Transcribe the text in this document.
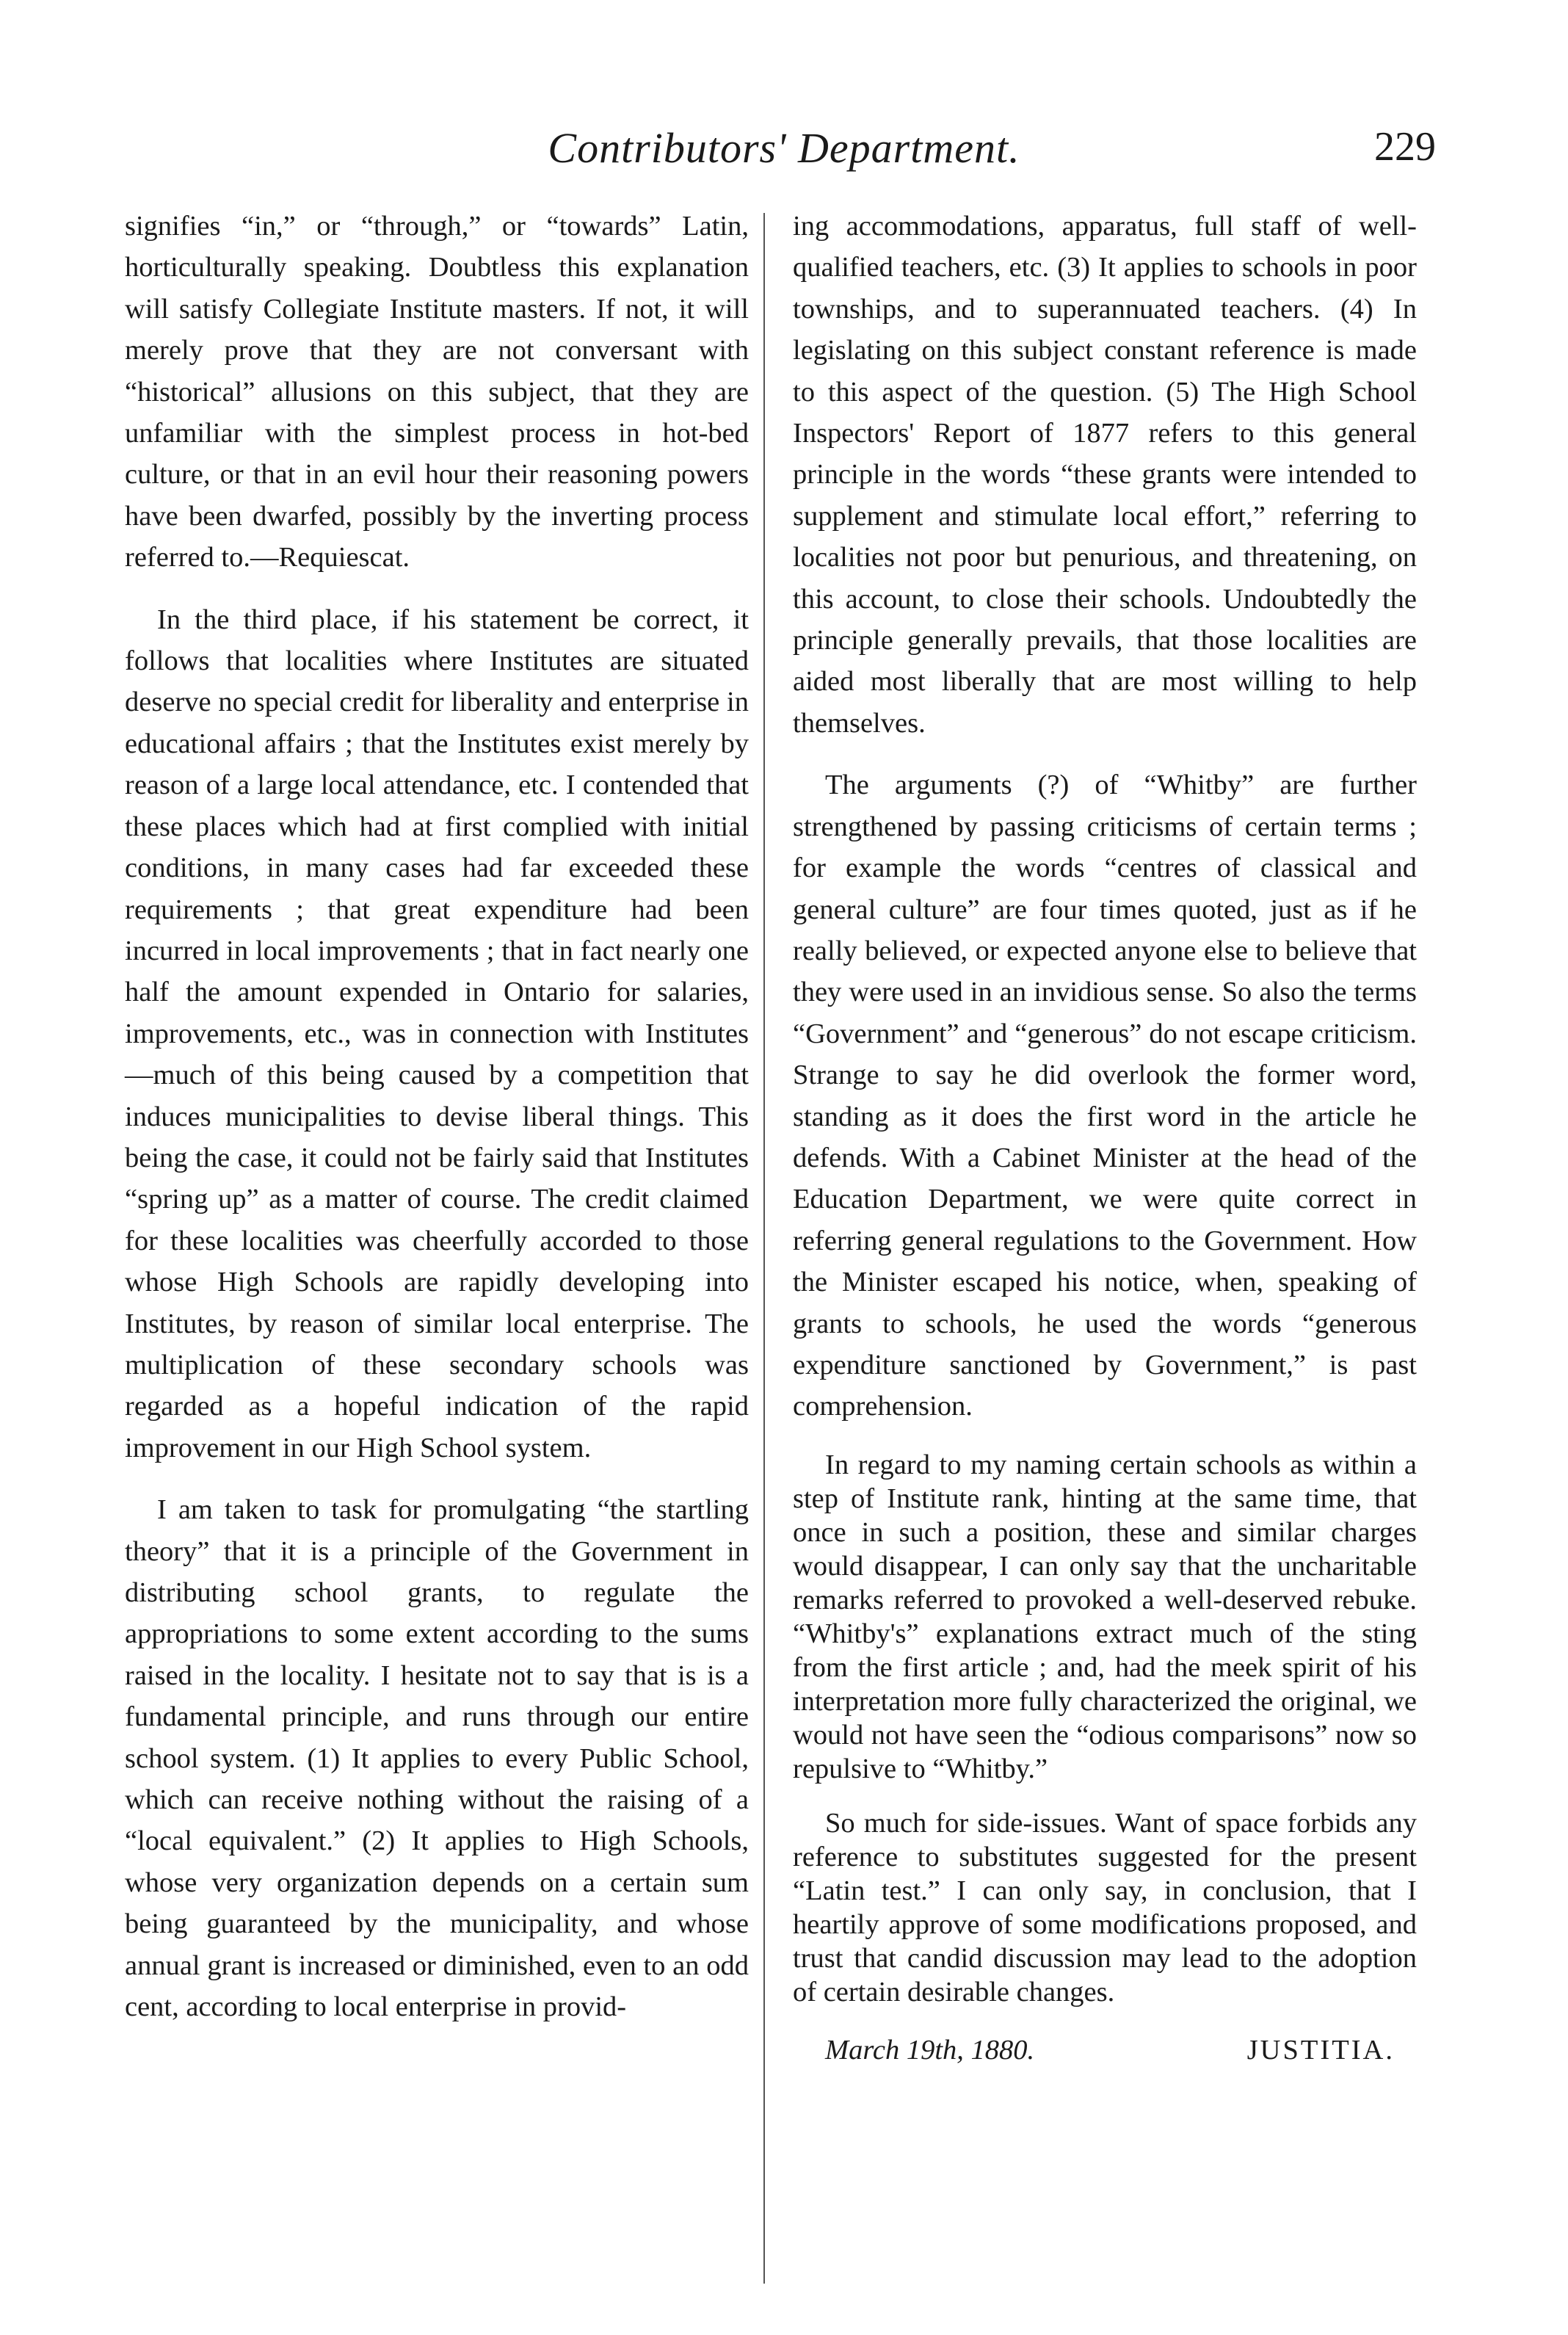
Contributors' Department.	229

signifies “in,” or “through,” or “towards” Latin, horticulturally speaking. Doubtless this explanation will satisfy Collegiate Institute masters. If not, it will merely prove that they are not conversant with “historical” allusions on this subject, that they are unfamiliar with the simplest process in hot-bed culture, or that in an evil hour their reasoning powers have been dwarfed, possibly by the inverting process referred to.—Requiescat.

In the third place, if his statement be correct, it follows that localities where Institutes are situated deserve no special credit for liberality and enterprise in educational affairs ; that the Institutes exist merely by reason of a large local attendance, etc. I contended that these places which had at first complied with initial conditions, in many cases had far exceeded these requirements ; that great expenditure had been incurred in local improvements ; that in fact nearly one half the amount expended in Ontario for salaries, improvements, etc., was in connection with Institutes—much of this being caused by a competition that induces municipalities to devise liberal things. This being the case, it could not be fairly said that Institutes “spring up” as a matter of course. The credit claimed for these localities was cheerfully accorded to those whose High Schools are rapidly developing into Institutes, by reason of similar local enterprise. The multiplication of these secondary schools was regarded as a hopeful indication of the rapid improvement in our High School system.

I am taken to task for promulgating “the startling theory” that it is a principle of the Government in distributing school grants, to regulate the appropriations to some extent according to the sums raised in the locality. I hesitate not to say that is is a fundamental principle, and runs through our entire school system. (1) It applies to every Public School, which can receive nothing without the raising of a “local equivalent.” (2) It applies to High Schools, whose very organization depends on a certain sum being guaranteed by the municipality, and whose annual grant is increased or diminished, even to an odd cent, according to local enterprise in provid-

ing accommodations, apparatus, full staff of well-qualified teachers, etc. (3) It applies to schools in poor townships, and to superannuated teachers. (4) In legislating on this subject constant reference is made to this aspect of the question. (5) The High School Inspectors' Report of 1877 refers to this general principle in the words “these grants were intended to supplement and stimulate local effort,” referring to localities not poor but penurious, and threatening, on this account, to close their schools. Undoubtedly the principle generally prevails, that those localities are aided most liberally that are most willing to help themselves.

The arguments (?) of “Whitby” are further strengthened by passing criticisms of certain terms ; for example the words “centres of classical and general culture” are four times quoted, just as if he really believed, or expected anyone else to believe that they were used in an invidious sense. So also the terms “Government” and “generous” do not escape criticism. Strange to say he did overlook the former word, standing as it does the first word in the article he defends. With a Cabinet Minister at the head of the Education Department, we were quite correct in referring general regulations to the Government. How the Minister escaped his notice, when, speaking of grants to schools, he used the words “generous expenditure sanctioned by Government,” is past comprehension.

In regard to my naming certain schools as within a step of Institute rank, hinting at the same time, that once in such a position, these and similar charges would disappear, I can only say that the uncharitable remarks referred to provoked a well-deserved rebuke. “Whitby's” explanations extract much of the sting from the first article ; and, had the meek spirit of his interpretation more fully characterized the original, we would not have seen the “odious comparisons” now so repulsive to “Whitby.”

So much for side-issues. Want of space forbids any reference to substitutes suggested for the present “Latin test.” I can only say, in conclusion, that I heartily approve of some modifications proposed, and trust that candid discussion may lead to the adoption of certain desirable changes.

March 19th, 1880.	JUSTITIA.
